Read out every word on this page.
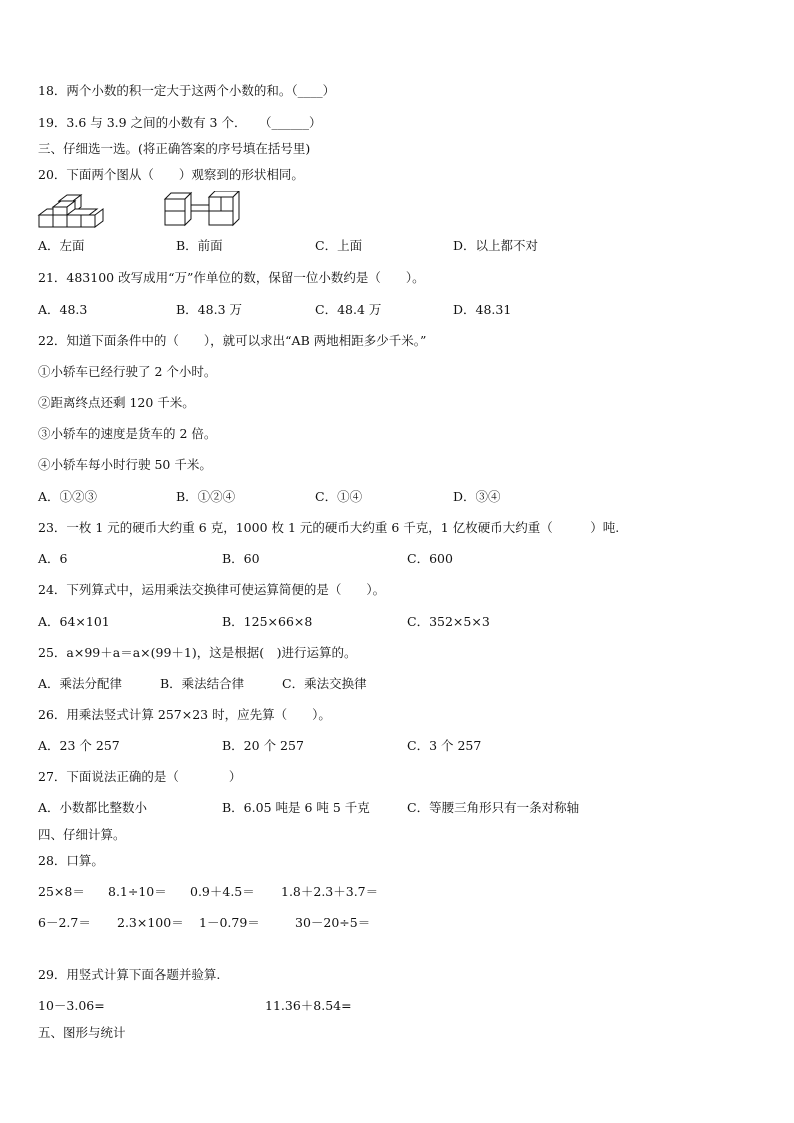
18．两个小数的积一定大于这两个小数的和。（____）
19．3.6 与 3.9 之间的小数有 3 个．　　（______）
三、仔细选一选。(将正确答案的序号填在括号里)
20．下面两个图从（　　）观察到的形状相同。
A．左面	B．前面	C．上面	D．以上都不对
21．483100 改写成用“万”作单位的数，保留一位小数约是（　　）。
A．48.3	B．48.3 万	C．48.4 万	D．48.31
22．知道下面条件中的（　　），就可以求出“AB 两地相距多少千米。”
①小轿车已经行驶了 2 个小时。
②距离终点还剩 120 千米。
③小轿车的速度是货车的 2 倍。
④小轿车每小时行驶 50 千米。
A．①②③	B．①②④	C．①④	D．③④
23．一枚 1 元的硬币大约重 6 克，1000 枚 1 元的硬币大约重 6 千克，1 亿枚硬币大约重（　　　）吨.
A．6	B．60	C．600
24．下列算式中，运用乘法交换律可使运算简便的是（　　）。
A．64×101	B．125×66×8	C．352×5×3
25．a×99＋a＝a×(99＋1)，这是根据(　)进行运算的。
A．乘法分配律	B．乘法结合律	C．乘法交换律
26．用乘法竖式计算 257×23 时，应先算（　　）。
A．23 个 257	B．20 个 257	C．3 个 257
27．下面说法正确的是（　　　　）
A．小数都比整数小	B．6.05 吨是 6 吨 5 千克	C．等腰三角形只有一条对称轴
四、仔细计算。
28．口算。
25×8＝ 8.1÷10＝ 0.9＋4.5＝ 1.8＋2.3＋3.7＝
6－2.7＝ 2.3×100＝ 1－0.79＝	30－20÷5＝
29．用竖式计算下面各题并验算.
10－3.06=	11.36＋8.54=
五、图形与统计
